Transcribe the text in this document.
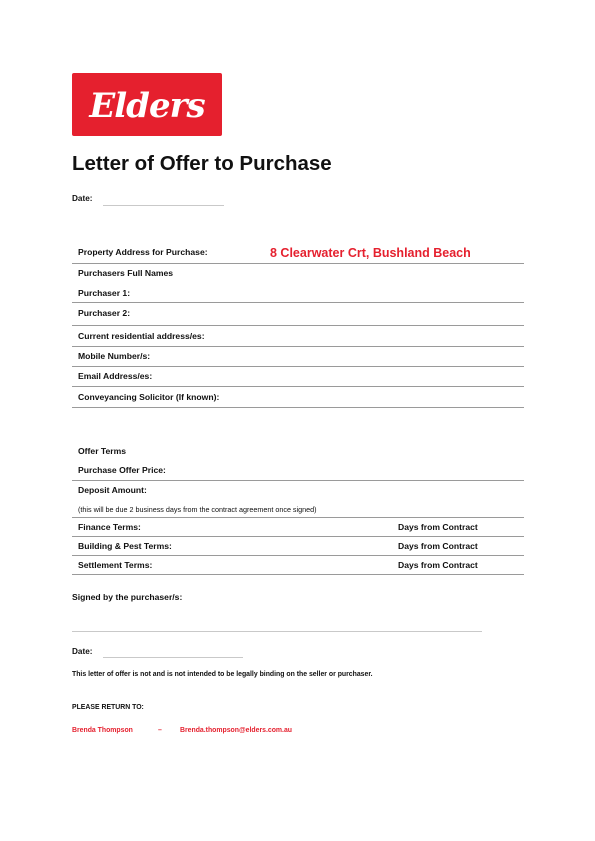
Elders
Letter of Offer to Purchase
Date:
Property Address for Purchase:	8 Clearwater Crt, Bushland Beach
Purchasers Full Names
Purchaser 1:
Purchaser 2:
Current residential address/es:
Mobile Number/s:
Email Address/es:
Conveyancing Solicitor (If known):
Offer Terms
Purchase Offer Price:
Deposit Amount:
(this will be due 2 business days from the contract agreement once signed)
Finance Terms:	Days from Contract
Building & Pest Terms:	Days from Contract
Settlement Terms:	Days from Contract
Signed by the purchaser/s:
Date:
This letter of offer is not and is not intended to be legally binding on the seller or purchaser.
PLEASE RETURN TO:
Brenda Thompson	–	Brenda.thompson@elders.com.au
